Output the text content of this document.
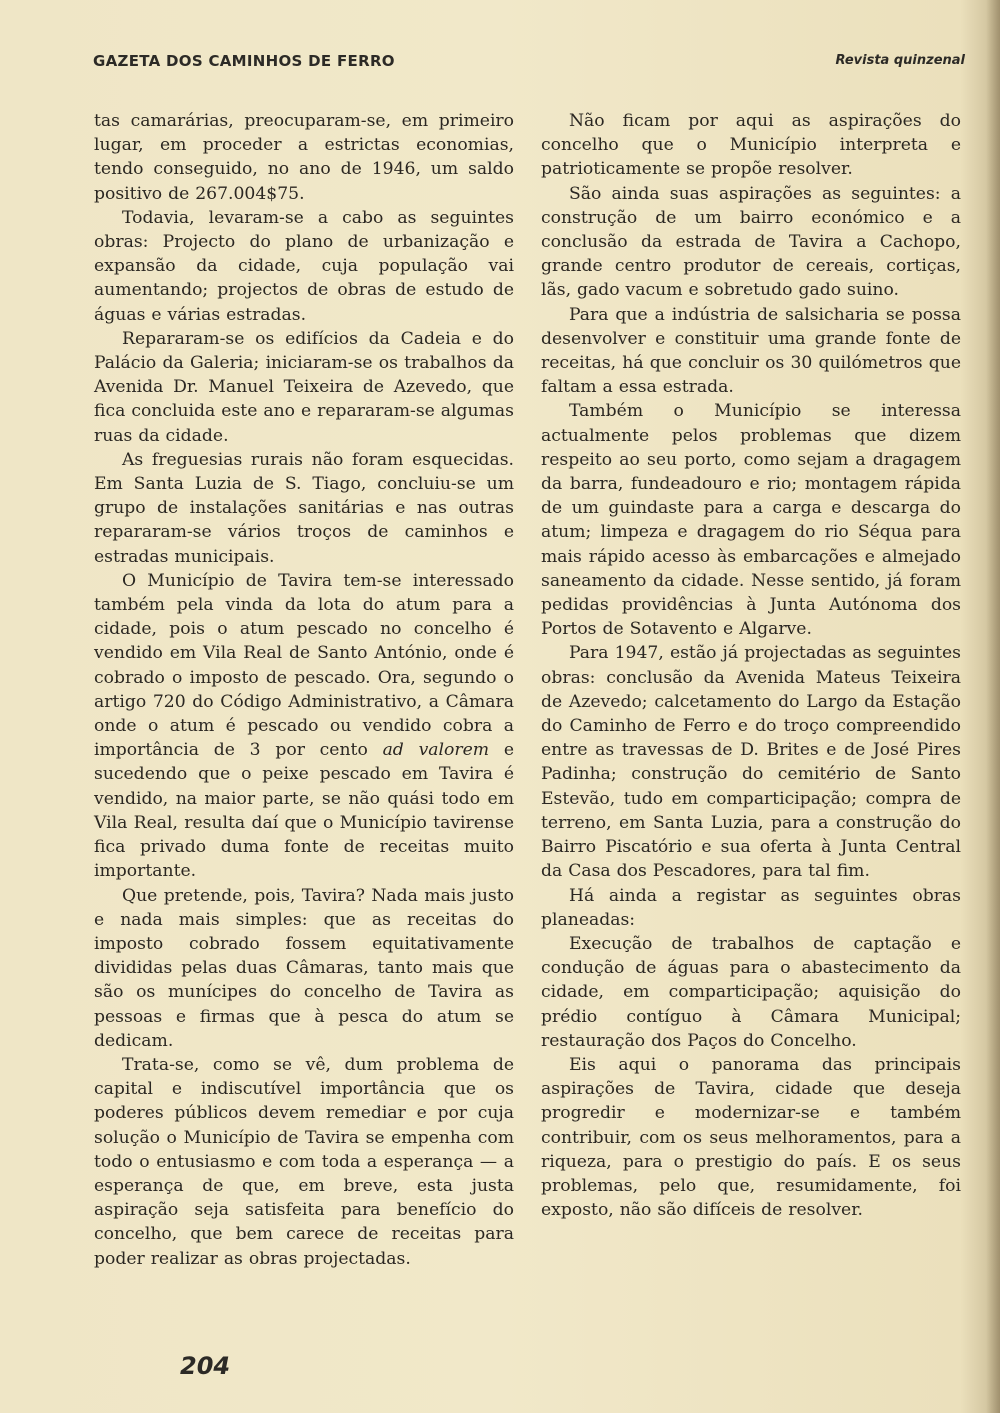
GAZETA DOS CAMINHOS DE FERRO	Revista quinzenal

tas camarárias, preocuparam-se, em primeiro lugar, em proceder a estrictas economias, tendo conseguido, no ano de 1946, um saldo positivo de 267.004$75.

Todavia, levaram-se a cabo as seguintes obras: Projecto do plano de urbanização e expansão da cidade, cuja população vai aumentando; projectos de obras de estudo de águas e várias estradas.

Repararam-se os edifícios da Cadeia e do Palácio da Galeria; iniciaram-se os trabalhos da Avenida Dr. Manuel Teixeira de Azevedo, que fica concluida este ano e repararam-se algumas ruas da cidade.

As freguesias rurais não foram esquecidas. Em Santa Luzia de S. Tiago, concluiu-se um grupo de instalações sanitárias e nas outras repararam-se vários troços de caminhos e estradas municipais.

O Município de Tavira tem-se interessado também pela vinda da lota do atum para a cidade, pois o atum pescado no concelho é vendido em Vila Real de Santo António, onde é cobrado o imposto de pescado. Ora, segundo o artigo 720 do Código Administrativo, a Câmara onde o atum é pescado ou vendido cobra a importância de 3 por cento ad valorem e sucedendo que o peixe pescado em Tavira é vendido, na maior parte, se não quási todo em Vila Real, resulta daí que o Município tavirense fica privado duma fonte de receitas muito importante.

Que pretende, pois, Tavira? Nada mais justo e nada mais simples: que as receitas do imposto cobrado fossem equitativamente divididas pelas duas Câmaras, tanto mais que são os munícipes do concelho de Tavira as pessoas e firmas que à pesca do atum se dedicam.

Trata-se, como se vê, dum problema de capital e indiscutível importância que os poderes públicos devem remediar e por cuja solução o Município de Tavira se empenha com todo o entusiasmo e com toda a esperança — a esperança de que, em breve, esta justa aspiração seja satisfeita para benefício do concelho, que bem carece de receitas para poder realizar as obras projectadas.

Não ficam por aqui as aspirações do concelho que o Município interpreta e patrioticamente se propõe resolver.

São ainda suas aspirações as seguintes: a construção de um bairro económico e a conclusão da estrada de Tavira a Cachopo, grande centro produtor de cereais, cortiças, lãs, gado vacum e sobretudo gado suino.

Para que a indústria de salsicharia se possa desenvolver e constituir uma grande fonte de receitas, há que concluir os 30 quilómetros que faltam a essa estrada.

Também o Município se interessa actualmente pelos problemas que dizem respeito ao seu porto, como sejam a dragagem da barra, fundeadouro e rio; montagem rápida de um guindaste para a carga e descarga do atum; limpeza e dragagem do rio Séqua para mais rápido acesso às embarcações e almejado saneamento da cidade. Nesse sentido, já foram pedidas providências à Junta Autónoma dos Portos de Sotavento e Algarve.

Para 1947, estão já projectadas as seguintes obras: conclusão da Avenida Mateus Teixeira de Azevedo; calcetamento do Largo da Estação do Caminho de Ferro e do troço compreendido entre as travessas de D. Brites e de José Pires Padinha; construção do cemitério de Santo Estevão, tudo em comparticipação; compra de terreno, em Santa Luzia, para a construção do Bairro Piscatório e sua oferta à Junta Central da Casa dos Pescadores, para tal fim.

Há ainda a registar as seguintes obras planeadas:

Execução de trabalhos de captação e condução de águas para o abastecimento da cidade, em comparticipação; aquisição do prédio contíguo à Câmara Municipal; restauração dos Paços do Concelho.

Eis aqui o panorama das principais aspirações de Tavira, cidade que deseja progredir e modernizar-se e também contribuir, com os seus melhoramentos, para a riqueza, para o prestigio do país. E os seus problemas, pelo que, resumidamente, foi exposto, não são difíceis de resolver.

204
